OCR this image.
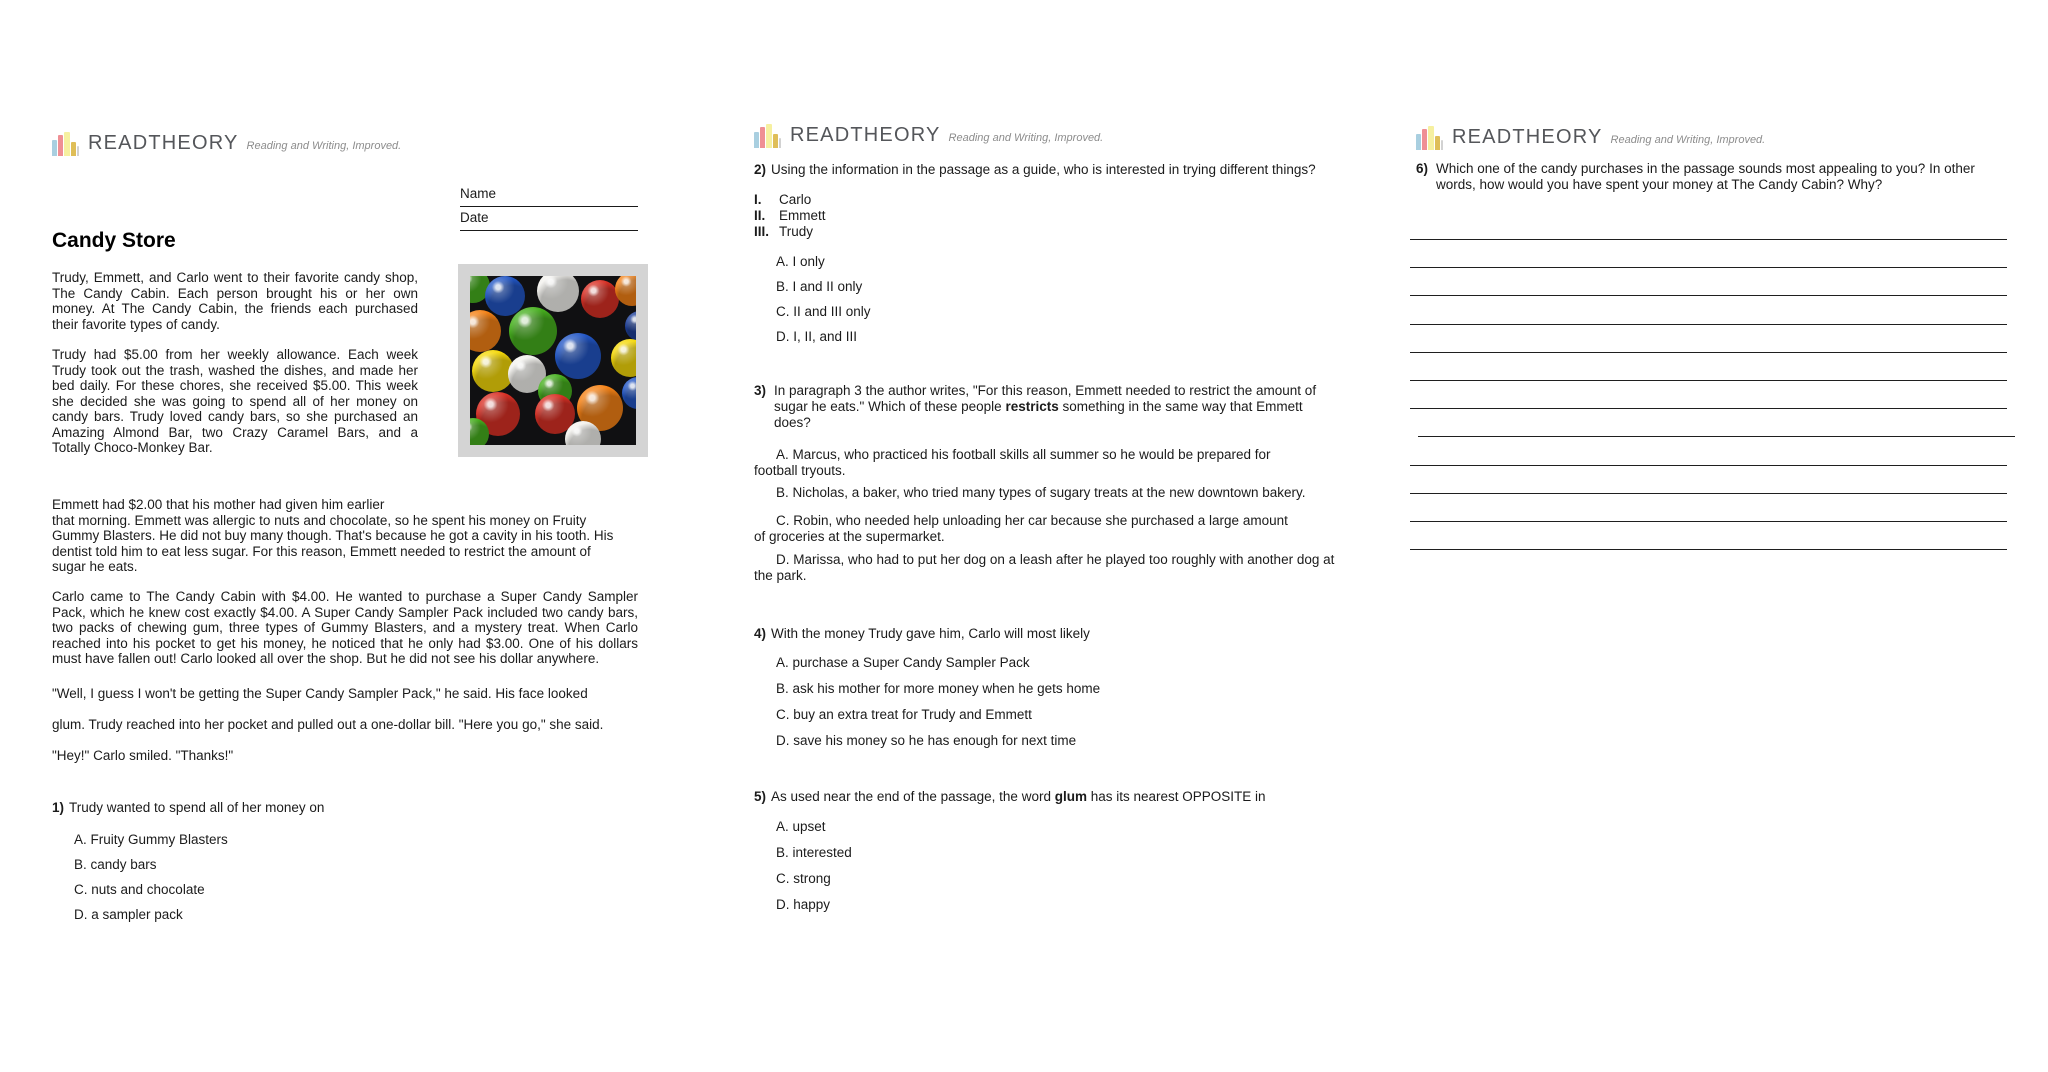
READTHEORY Reading and Writing, Improved.
Name
Date
Candy Store
Trudy, Emmett, and Carlo went to their favorite candy shop,
The Candy Cabin. Each person brought his or her own
money. At The Candy Cabin, the friends each purchased
their favorite types of candy.
Trudy had $5.00 from her weekly allowance. Each week
Trudy took out the trash, washed the dishes, and made her
bed daily. For these chores, she received $5.00. This week
she decided she was going to spend all of her money on
candy bars. Trudy loved candy bars, so she purchased an
Amazing Almond Bar, two Crazy Caramel Bars, and a
Totally Choco-Monkey Bar.
Emmett had $2.00 that his mother had given him earlier
that morning. Emmett was allergic to nuts and chocolate, so he spent his money on Fruity
Gummy Blasters. He did not buy many though. That's because he got a cavity in his tooth. His
dentist told him to eat less sugar. For this reason, Emmett needed to restrict the amount of
sugar he eats.
Carlo came to The Candy Cabin with $4.00. He wanted to purchase a Super Candy Sampler
Pack, which he knew cost exactly $4.00. A Super Candy Sampler Pack included two candy bars,
two packs of chewing gum, three types of Gummy Blasters, and a mystery treat. When Carlo
reached into his pocket to get his money, he noticed that he only had $3.00. One of his dollars
must have fallen out! Carlo looked all over the shop. But he did not see his dollar anywhere.
"Well, I guess I won't be getting the Super Candy Sampler Pack," he said. His face looked
glum. Trudy reached into her pocket and pulled out a one-dollar bill. "Here you go," she said.
"Hey!" Carlo smiled. "Thanks!"
1) Trudy wanted to spend all of her money on
A. Fruity Gummy Blasters
B. candy bars
C. nuts and chocolate
D. a sampler pack
READTHEORY Reading and Writing, Improved.
2) Using the information in the passage as a guide, who is interested in trying different things?
I. Carlo
II. Emmett
III. Trudy
A. I only
B. I and II only
C. II and III only
D. I, II, and III
3) In paragraph 3 the author writes, "For this reason, Emmett needed to restrict the amount of
sugar he eats." Which of these people restricts something in the same way that Emmett
does?
A. Marcus, who practiced his football skills all summer so he would be prepared for
football tryouts.
B. Nicholas, a baker, who tried many types of sugary treats at the new downtown bakery.
C. Robin, who needed help unloading her car because she purchased a large amount
of groceries at the supermarket.
D. Marissa, who had to put her dog on a leash after he played too roughly with another dog at
the park.
4) With the money Trudy gave him, Carlo will most likely
A. purchase a Super Candy Sampler Pack
B. ask his mother for more money when he gets home
C. buy an extra treat for Trudy and Emmett
D. save his money so he has enough for next time
5) As used near the end of the passage, the word glum has its nearest OPPOSITE in
A. upset
B. interested
C. strong
D. happy
READTHEORY Reading and Writing, Improved.
6) Which one of the candy purchases in the passage sounds most appealing to you? In other
words, how would you have spent your money at The Candy Cabin? Why?
